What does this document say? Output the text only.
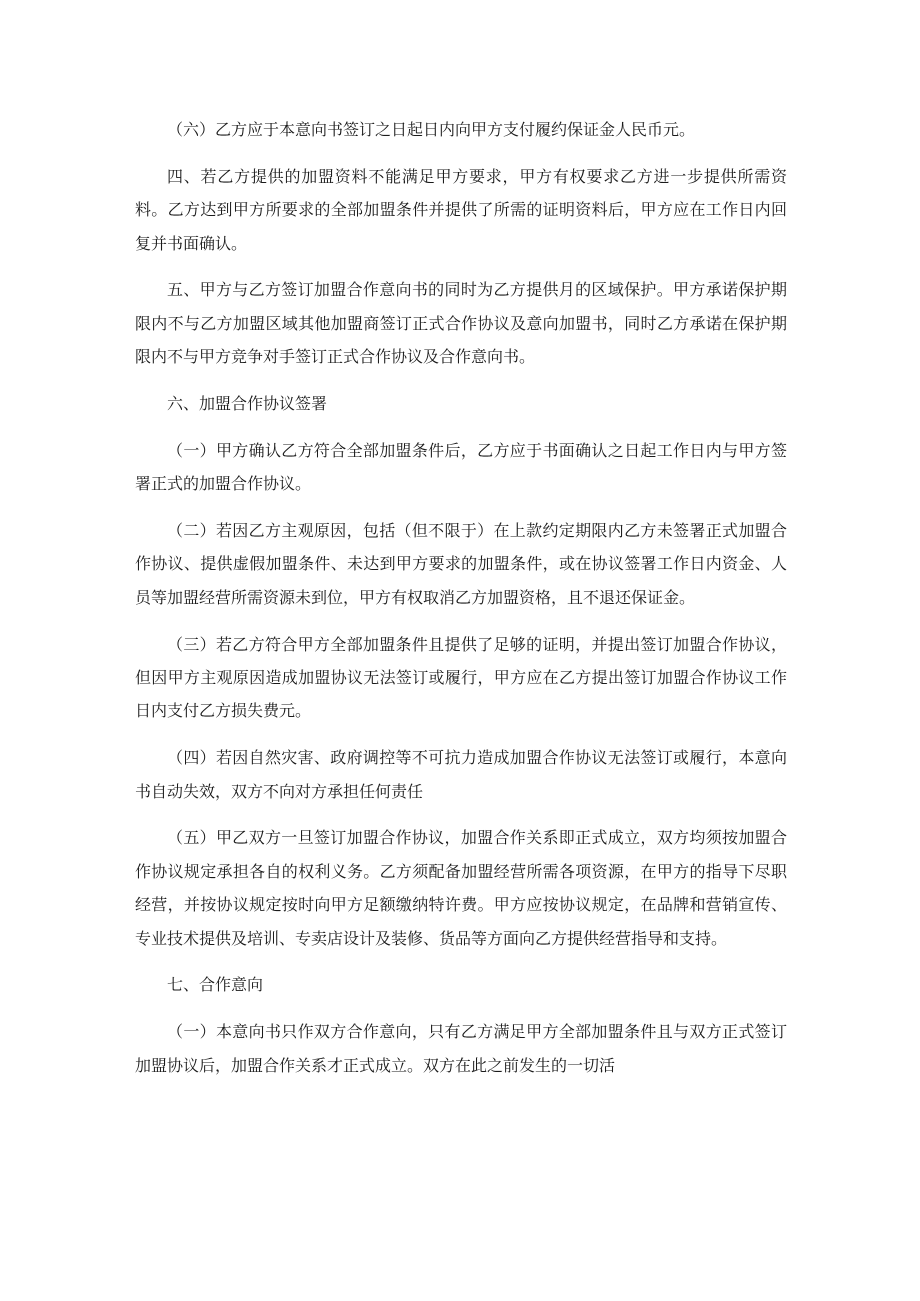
（六）乙方应于本意向书签订之日起日内向甲方支付履约保证金人民币元。

四、若乙方提供的加盟资料不能满足甲方要求，甲方有权要求乙方进一步提供所需资料。乙方达到甲方所要求的全部加盟条件并提供了所需的证明资料后，甲方应在工作日内回复并书面确认。

五、甲方与乙方签订加盟合作意向书的同时为乙方提供月的区域保护。甲方承诺保护期限内不与乙方加盟区域其他加盟商签订正式合作协议及意向加盟书，同时乙方承诺在保护期限内不与甲方竞争对手签订正式合作协议及合作意向书。

六、加盟合作协议签署

（一）甲方确认乙方符合全部加盟条件后，乙方应于书面确认之日起工作日内与甲方签署正式的加盟合作协议。

（二）若因乙方主观原因，包括（但不限于）在上款约定期限内乙方未签署正式加盟合作协议、提供虚假加盟条件、未达到甲方要求的加盟条件，或在协议签署工作日内资金、人员等加盟经营所需资源未到位，甲方有权取消乙方加盟资格，且不退还保证金。

（三）若乙方符合甲方全部加盟条件且提供了足够的证明，并提出签订加盟合作协议，但因甲方主观原因造成加盟协议无法签订或履行，甲方应在乙方提出签订加盟合作协议工作日内支付乙方损失费元。

（四）若因自然灾害、政府调控等不可抗力造成加盟合作协议无法签订或履行，本意向书自动失效，双方不向对方承担任何责任

（五）甲乙双方一旦签订加盟合作协议，加盟合作关系即正式成立，双方均须按加盟合作协议规定承担各自的权利义务。乙方须配备加盟经营所需各项资源，在甲方的指导下尽职经营，并按协议规定按时向甲方足额缴纳特许费。甲方应按协议规定，在品牌和营销宣传、专业技术提供及培训、专卖店设计及装修、货品等方面向乙方提供经营指导和支持。

七、合作意向

（一）本意向书只作双方合作意向，只有乙方满足甲方全部加盟条件且与双方正式签订加盟协议后，加盟合作关系才正式成立。双方在此之前发生的一切活
